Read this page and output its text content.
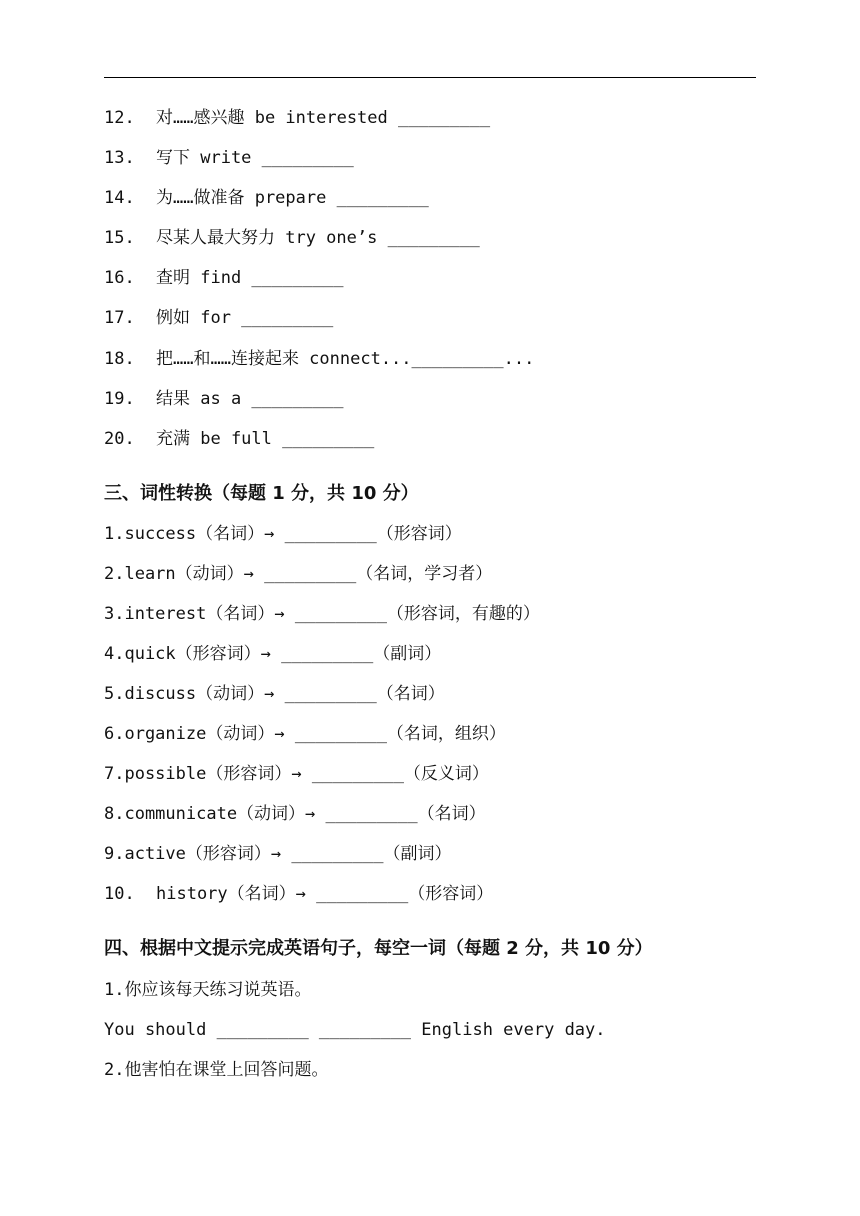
12. 对……感兴趣 be interested _________
13. 写下 write _________
14. 为……做准备 prepare _________
15. 尽某人最大努力 try one’s _________
16. 查明 find _________
17. 例如 for _________
18. 把……和……连接起来 connect..._________...
19. 结果 as a _________
20. 充满 be full _________
三、词性转换（每题 1 分，共 10 分）
1.success（名词）→ _________（形容词）
2.learn（动词）→ _________（名词，学习者）
3.interest（名词）→ _________（形容词，有趣的）
4.quick（形容词）→ _________（副词）
5.discuss（动词）→ _________（名词）
6.organize（动词）→ _________（名词，组织）
7.possible（形容词）→ _________（反义词）
8.communicate（动词）→ _________（名词）
9.active（形容词）→ _________（副词）
10. history（名词）→ _________（形容词）
四、根据中文提示完成英语句子，每空一词（每题 2 分，共 10 分）
1.你应该每天练习说英语。
You should _________ _________ English every day.
2.他害怕在课堂上回答问题。
